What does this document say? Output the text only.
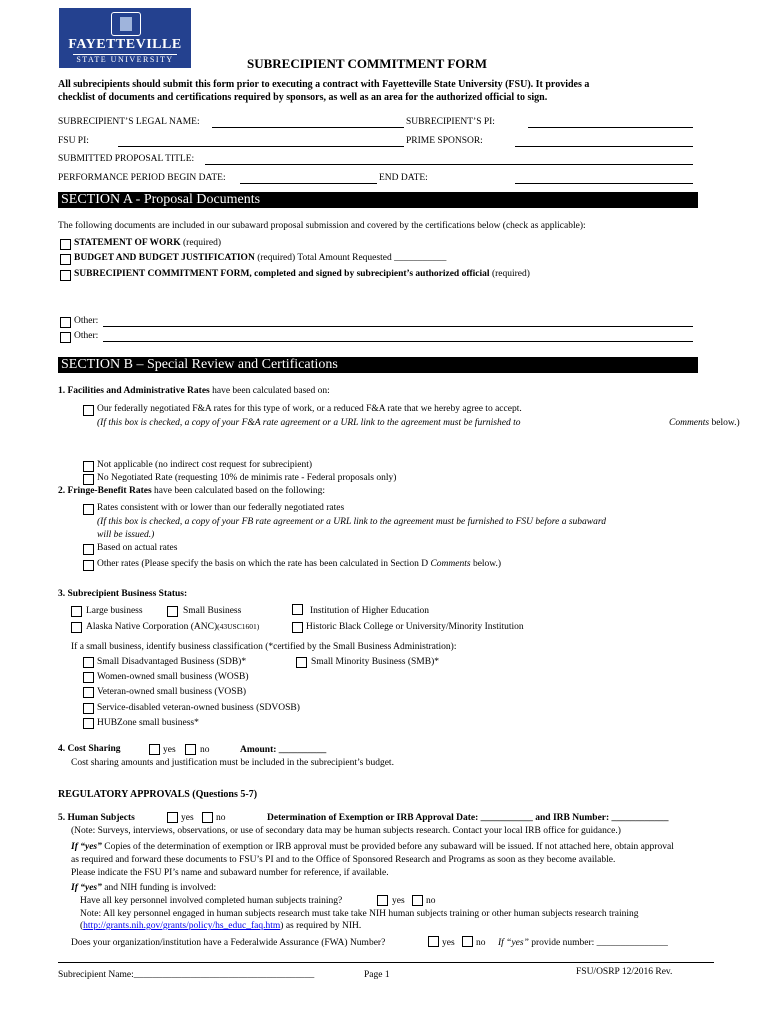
FAYETTEVILLE
STATE UNIVERSITY	SUBRECIPIENT COMMITMENT FORM
All subrecipients should submit this form prior to executing a contract with Fayetteville State University (FSU). It provides a
checklist of documents and certifications required by sponsors, as well as an area for the authorized official to sign.
SUBRECIPIENT’S LEGAL NAME:	SUBRECIPIENT’S PI:
FSU PI:	PRIME SPONSOR:
SUBMITTED PROPOSAL TITLE:
PERFORMANCE PERIOD BEGIN DATE:	END DATE:
SECTION A - Proposal Documents
The following documents are included in our subaward proposal submission and covered by the certifications below (check as applicable):
STATEMENT OF WORK (required)
BUDGET AND BUDGET JUSTIFICATION (required) Total Amount Requested ___________
SUBRECIPIENT COMMITMENT FORM, completed and signed by subrecipient’s authorized official (required)
Other:
Other:
SECTION B – Special Review and Certifications
1. Facilities and Administrative Rates have been calculated based on:
Our federally negotiated F&A rates for this type of work, or a reduced F&A rate that we hereby agree to accept.
(If this box is checked, a copy of your F&A rate agreement or a URL link to the agreement must be furnished to	Comments below.)
Not applicable (no indirect cost request for subrecipient)
No Negotiated Rate (requesting 10% de minimis rate - Federal proposals only)
2. Fringe-Benefit Rates have been calculated based on the following:
Rates consistent with or lower than our federally negotiated rates
(If this box is checked, a copy of your FB rate agreement or a URL link to the agreement must be furnished to FSU before a subaward
will be issued.)
Based on actual rates
Other rates (Please specify the basis on which the rate has been calculated in Section D Comments below.)
3. Subrecipient Business Status:
Large business	Small Business	Institution of Higher Education
Alaska Native Corporation (ANC)(43USC1601)	Historic Black College or University/Minority Institution
If a small business, identify business classification (*certified by the Small Business Administration):
Small Disadvantaged Business (SDB)*	Small Minority Business (SMB)*
Women-owned small business (WOSB)
Veteran-owned small business (VOSB)
Service-disabled veteran-owned business (SDVOSB)
HUBZone small business*
4. Cost Sharing	yes	no	Amount: __________
Cost sharing amounts and justification must be included in the subrecipient’s budget.
REGULATORY APPROVALS (Questions 5-7)
5. Human Subjects	yes no	Determination of Exemption or IRB Approval Date: ___________ and IRB Number: ____________
(Note: Surveys, interviews, observations, or use of secondary data may be human subjects research. Contact your local IRB office for guidance.)
If “yes” Copies of the determination of exemption or IRB approval must be provided before any subaward will be issued. If not attached here, obtain approval
as required and forward these documents to FSU’s PI and to the Office of Sponsored Research and Programs as soon as they become available.
Please indicate the FSU PI’s name and subaward number for reference, if available.
If “yes” and NIH funding is involved:
Have all key personnel involved completed human subjects training?	yes no
Note: All key personnel engaged in human subjects research must take take NIH human subjects training or other human subjects research training
(http://grants.nih.gov/grants/policy/hs_educ_faq.htm) as required by NIH.
Does your organization/institution have a Federalwide Assurance (FWA) Number?	yes no If “yes” provide number: _______________
Subrecipient Name:______________________________________	Page 1	FSU/OSRP 12/2016 Rev.
